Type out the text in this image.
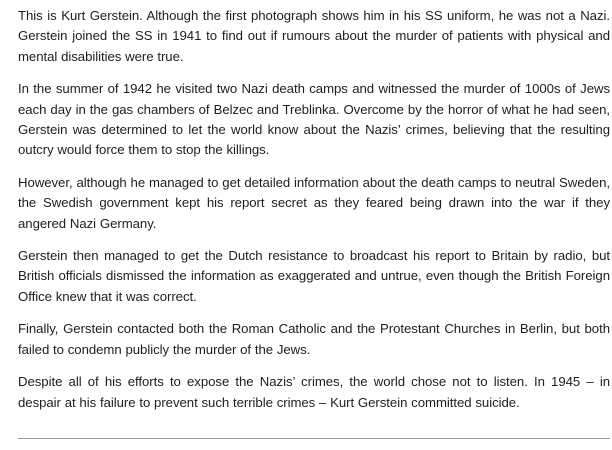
This is Kurt Gerstein. Although the first photograph shows him in his SS uniform, he was not a Nazi. Gerstein joined the SS in 1941 to find out if rumours about the murder of patients with physical and mental disabilities were true.

In the summer of 1942 he visited two Nazi death camps and witnessed the murder of 1000s of Jews each day in the gas chambers of Belzec and Treblinka. Overcome by the horror of what he had seen, Gerstein was determined to let the world know about the Nazis’ crimes, believing that the resulting outcry would force them to stop the killings.

However, although he managed to get detailed information about the death camps to neutral Sweden, the Swedish government kept his report secret as they feared being drawn into the war if they angered Nazi Germany.

Gerstein then managed to get the Dutch resistance to broadcast his report to Britain by radio, but British officials dismissed the information as exaggerated and untrue, even though the British Foreign Office knew that it was correct.

Finally, Gerstein contacted both the Roman Catholic and the Protestant Churches in Berlin, but both failed to condemn publicly the murder of the Jews.

Despite all of his efforts to expose the Nazis’ crimes, the world chose not to listen. In 1945 – in despair at his failure to prevent such terrible crimes – Kurt Gerstein committed suicide.
